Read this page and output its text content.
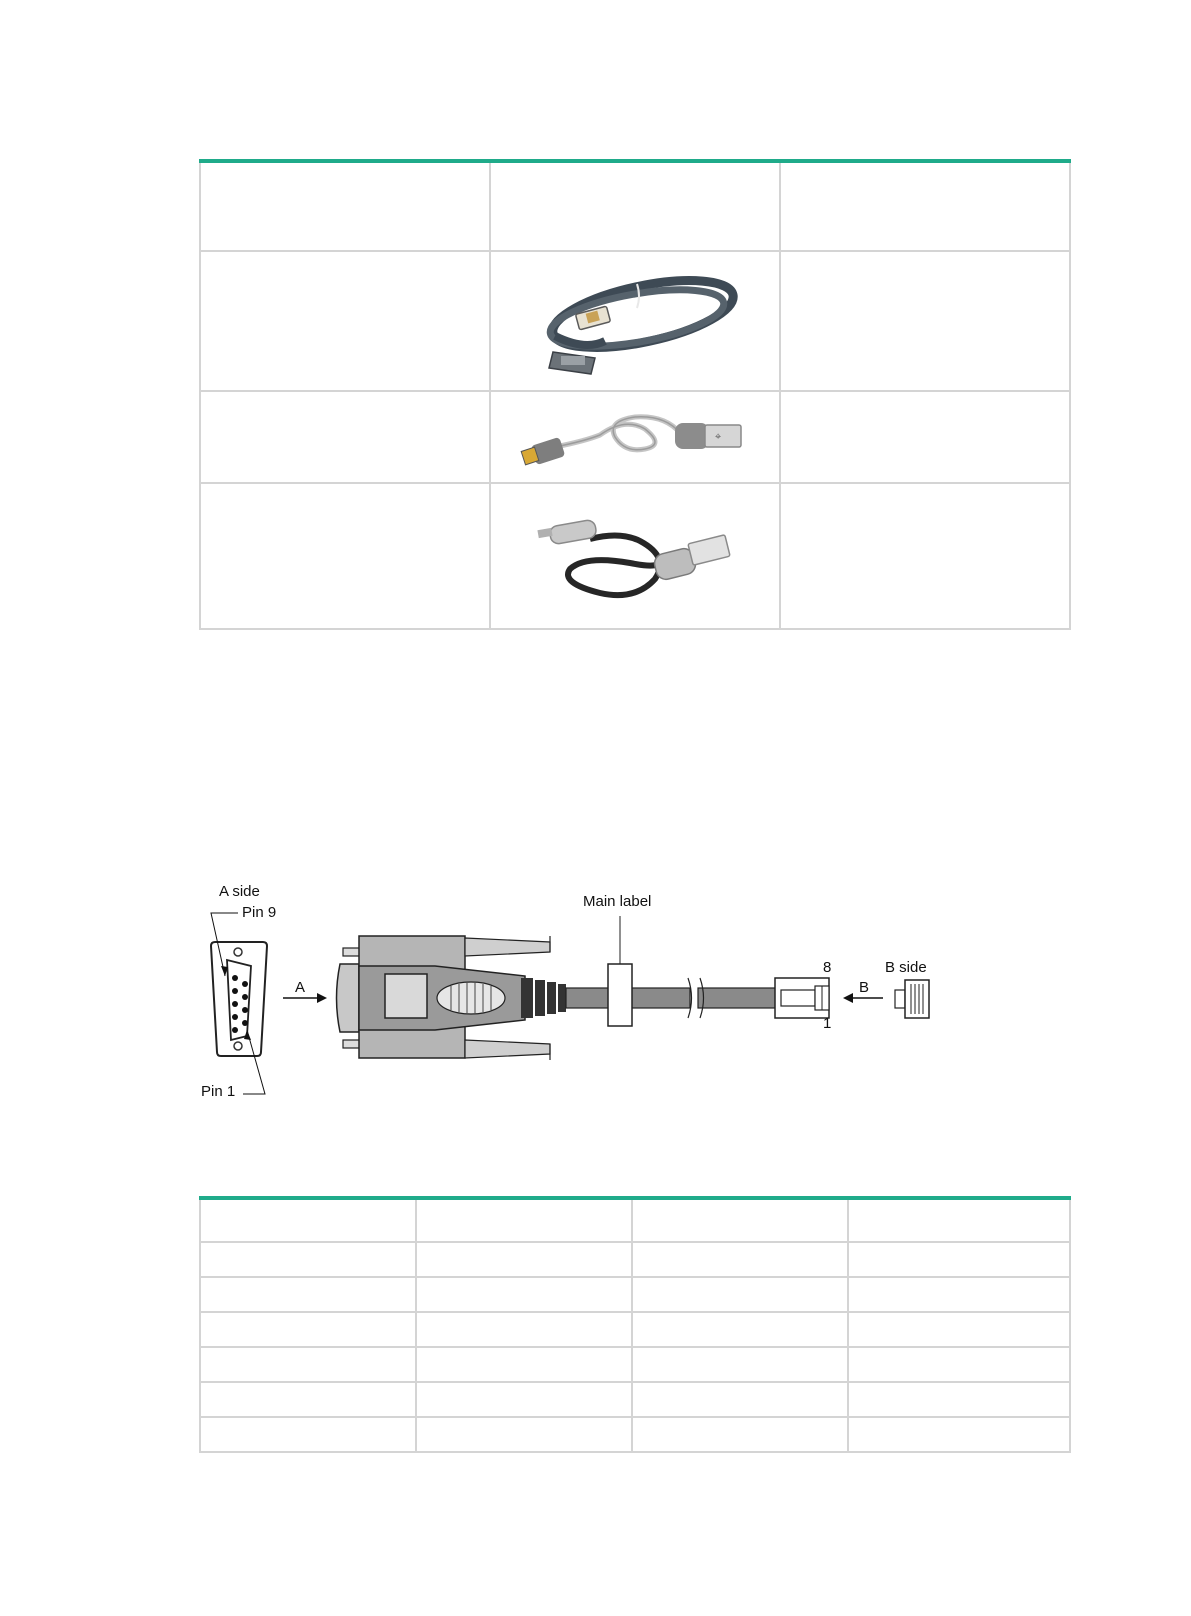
⌖	

A side
Pin 9
Pin 1
A
Main label
8
1
B
B side
